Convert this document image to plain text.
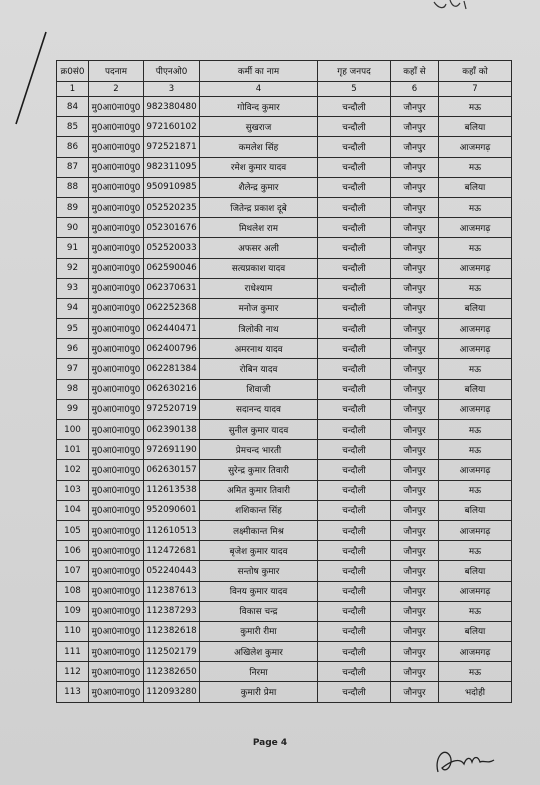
क्र0सं0	पदनाम	पीएनओ0	कर्मी का नाम	गृह जनपद	कहाँ से	कहाँ को
1	2	3	4	5	6	7
84	मु0आ0ना0पु0	982380480	गोविन्द कुमार	चन्दौली	जौनपुर	मऊ
85	मु0आ0ना0पु0	972160102	सुखराज	चन्दौली	जौनपुर	बलिया
86	मु0आ0ना0पु0	972521871	कमलेश सिंह	चन्दौली	जौनपुर	आजमगढ़
87	मु0आ0ना0पु0	982311095	रमेश कुमार यादव	चन्दौली	जौनपुर	मऊ
88	मु0आ0ना0पु0	950910985	शैलेन्द्र कुमार	चन्दौली	जौनपुर	बलिया
89	मु0आ0ना0पु0	052520235	जितेन्द्र प्रकाश दूबे	चन्दौली	जौनपुर	मऊ
90	मु0आ0ना0पु0	052301676	मिथलेश राम	चन्दौली	जौनपुर	आजमगढ़
91	मु0आ0ना0पु0	052520033	अफसर अली	चन्दौली	जौनपुर	मऊ
92	मु0आ0ना0पु0	062590046	सत्यप्रकाश यादव	चन्दौली	जौनपुर	आजमगढ़
93	मु0आ0ना0पु0	062370631	राधेश्याम	चन्दौली	जौनपुर	मऊ
94	मु0आ0ना0पु0	062252368	मनोज कुमार	चन्दौली	जौनपुर	बलिया
95	मु0आ0ना0पु0	062440471	त्रिलोकी नाथ	चन्दौली	जौनपुर	आजमगढ़
96	मु0आ0ना0पु0	062400796	अमरनाथ यादव	चन्दौली	जौनपुर	आजमगढ़
97	मु0आ0ना0पु0	062281384	रोबिन यादव	चन्दौली	जौनपुर	मऊ
98	मु0आ0ना0पु0	062630216	शिवाजी	चन्दौली	जौनपुर	बलिया
99	मु0आ0ना0पु0	972520719	सदानन्द यादव	चन्दौली	जौनपुर	आजमगढ़
100	मु0आ0ना0पु0	062390138	सुनील कुमार यादव	चन्दौली	जौनपुर	मऊ
101	मु0आ0ना0पु0	972691190	प्रेमचन्द भारती	चन्दौली	जौनपुर	मऊ
102	मु0आ0ना0पु0	062630157	सुरेन्द्र कुमार तिवारी	चन्दौली	जौनपुर	आजमगढ़
103	मु0आ0ना0पु0	112613538	अमित कुमार तिवारी	चन्दौली	जौनपुर	मऊ
104	मु0आ0ना0पु0	952090601	शशिकान्त सिंह	चन्दौली	जौनपुर	बलिया
105	मु0आ0ना0पु0	112610513	लक्ष्मीकान्त मिश्र	चन्दौली	जौनपुर	आजमगढ़
106	मु0आ0ना0पु0	112472681	बृजेश कुमार यादव	चन्दौली	जौनपुर	मऊ
107	मु0आ0ना0पु0	052240443	सन्तोष कुमार	चन्दौली	जौनपुर	बलिया
108	मु0आ0ना0पु0	112387613	विनय कुमार यादव	चन्दौली	जौनपुर	आजमगढ़
109	मु0आ0ना0पु0	112387293	विकास चन्द्र	चन्दौली	जौनपुर	मऊ
110	मु0आ0ना0पु0	112382618	कुमारी रीमा	चन्दौली	जौनपुर	बलिया
111	मु0आ0ना0पु0	112502179	अखिलेश कुमार	चन्दौली	जौनपुर	आजमगढ़
112	मु0आ0ना0पु0	112382650	निरमा	चन्दौली	जौनपुर	मऊ
113	मु0आ0ना0पु0	112093280	कुमारी प्रेमा	चन्दौली	जौनपुर	भदोही
Page 4
